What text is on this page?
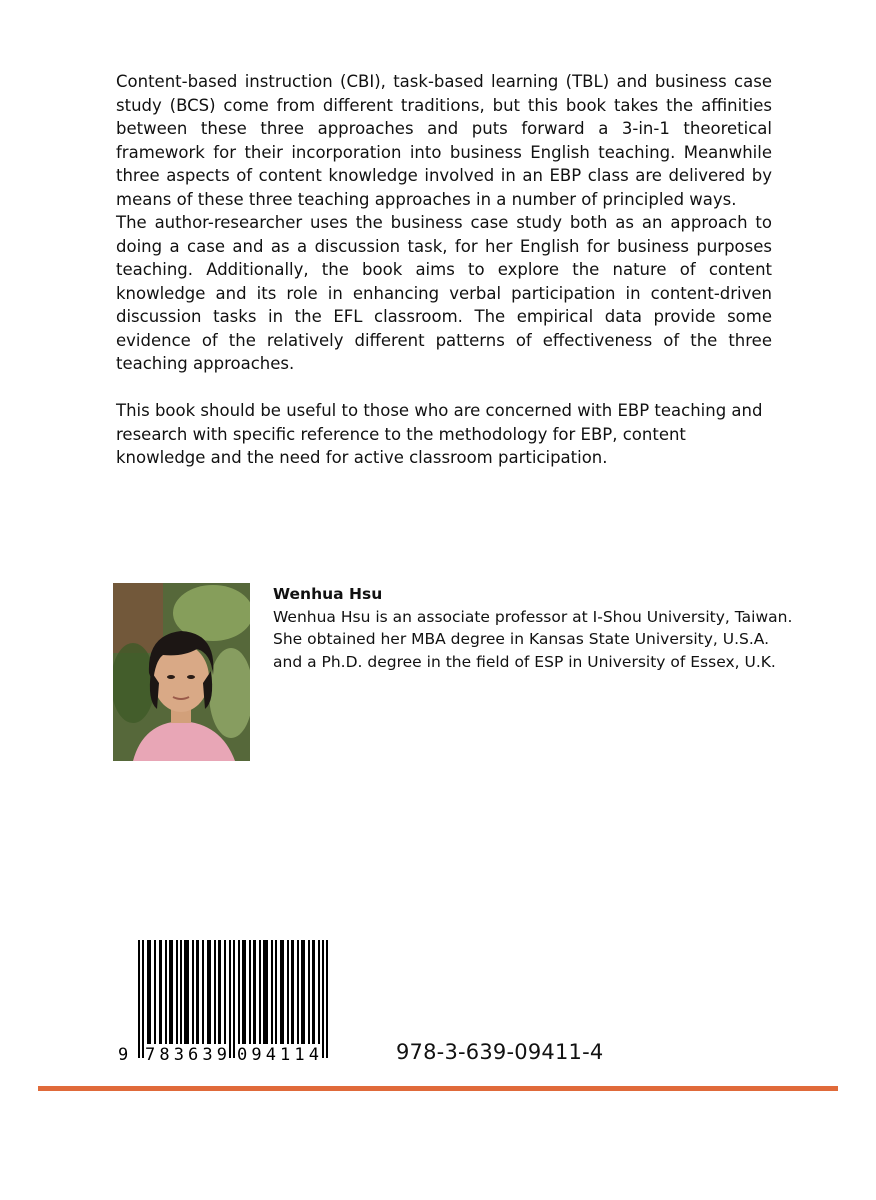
Content-based instruction (CBI), task-based learning (TBL) and business case study (BCS) come from different traditions, but this book takes the affinities between these three approaches and puts forward a 3-in-1 theoretical framework for their incorporation into business English teaching. Meanwhile three aspects of content knowledge involved in an EBP class are delivered by means of these three teaching approaches in a number of principled ways.

The author-researcher uses the business case study both as an approach to doing a case and as a discussion task, for her English for business purposes teaching. Additionally, the book aims to explore the nature of content knowledge and its role in enhancing verbal participation in content-driven discussion tasks in the EFL classroom. The empirical data provide some evidence of the relatively different patterns of effectiveness of the three teaching approaches.

This book should be useful to those who are concerned with EBP teaching and research with specific reference to the methodology for EBP, content knowledge and the need for active classroom participation.

Wenhua Hsu
Wenhua Hsu is an associate professor at I-Shou University, Taiwan. She obtained her MBA degree in Kansas State University, U.S.A. and a Ph.D. degree in the field of ESP in University of Essex, U.K.
9 783639 094114	978-3-639-09411-4
